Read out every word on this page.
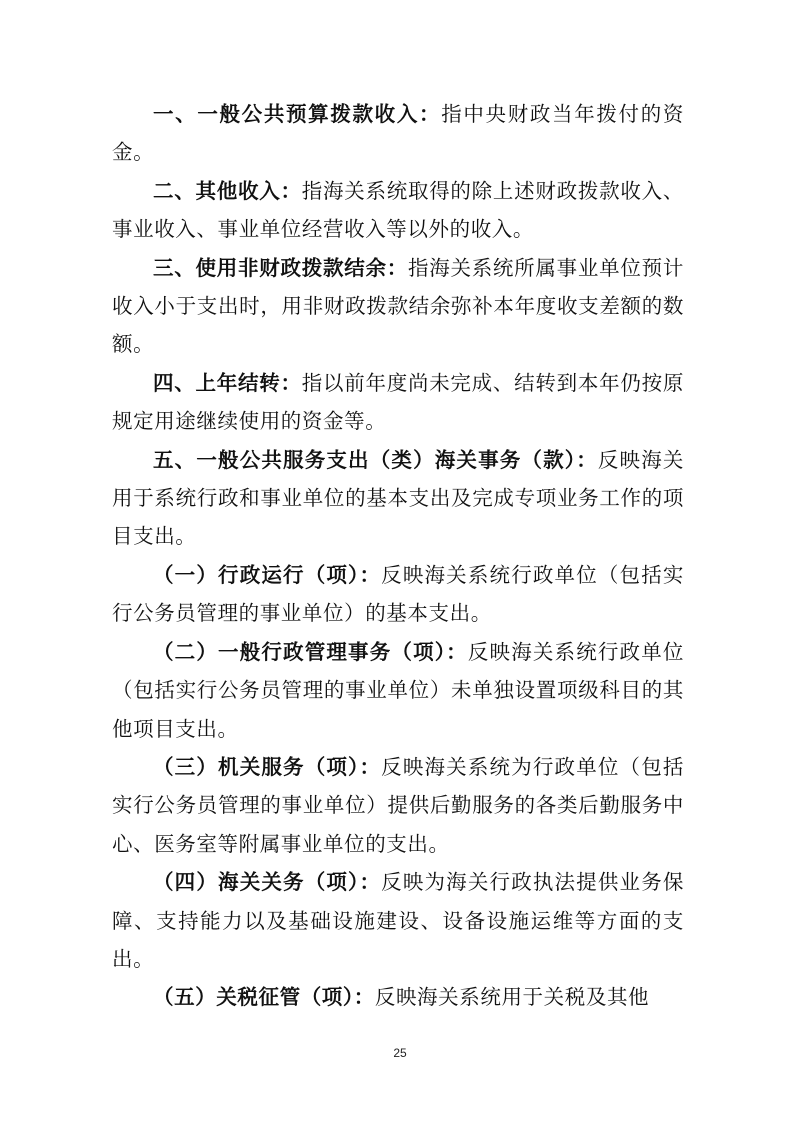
一、一般公共预算拨款收入：指中央财政当年拨付的资金。

二、其他收入：指海关系统取得的除上述财政拨款收入、事业收入、事业单位经营收入等以外的收入。

三、使用非财政拨款结余：指海关系统所属事业单位预计收入小于支出时，用非财政拨款结余弥补本年度收支差额的数额。

四、上年结转：指以前年度尚未完成、结转到本年仍按原规定用途继续使用的资金等。

五、一般公共服务支出（类）海关事务（款）：反映海关用于系统行政和事业单位的基本支出及完成专项业务工作的项目支出。

（一）行政运行（项）：反映海关系统行政单位（包括实行公务员管理的事业单位）的基本支出。

（二）一般行政管理事务（项）：反映海关系统行政单位（包括实行公务员管理的事业单位）未单独设置项级科目的其他项目支出。

（三）机关服务（项）：反映海关系统为行政单位（包括实行公务员管理的事业单位）提供后勤服务的各类后勤服务中心、医务室等附属事业单位的支出。

（四）海关关务（项）：反映为海关行政执法提供业务保障、支持能力以及基础设施建设、设备设施运维等方面的支出。

（五）关税征管（项）：反映海关系统用于关税及其他

25
